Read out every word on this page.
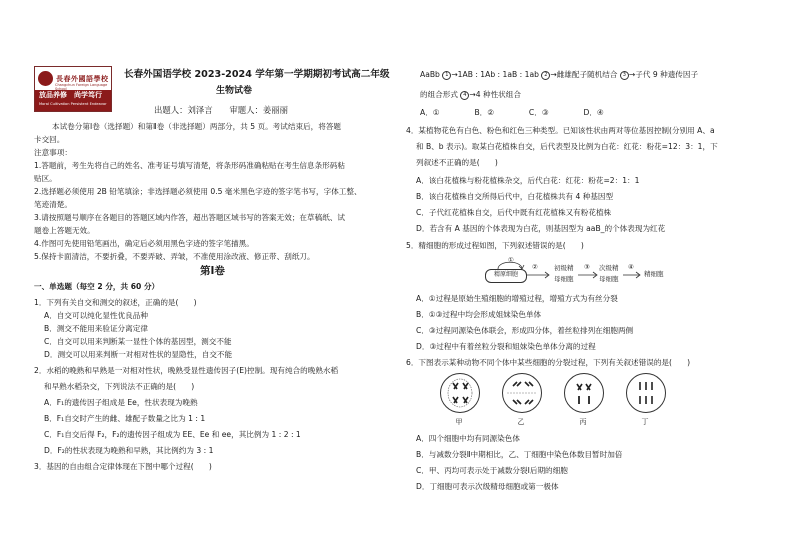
長春外國語學校
Changchun Foreign Language School
放品养修　尚学笃行
Moral Cultivation Persistent Endeavor
长春外国语学校 2023-2024 学年第一学期期初考试高二年级
生物试卷
出题人：刘泽言　　审题人：姜丽丽
本试卷分第Ⅰ卷（选择题）和第Ⅱ卷（非选择题）两部分，共 5 页。考试结束后，将答题
卡交回。
注意事项：
1.答题前，考生先将自己的姓名、准考证号填写清楚，将条形码准确粘贴在考生信息条形码粘
贴区。
2.选择题必须使用 2B 铅笔填涂；非选择题必须使用 0.5 毫米黑色字迹的签字笔书写，字体工整、
笔迹清楚。
3.请按照题号顺序在各题目的答题区域内作答，超出答题区域书写的答案无效；在草稿纸、试
题卷上答题无效。
4.作图可先使用铅笔画出，确定后必须用黑色字迹的签字笔描黑。
5.保持卡面清洁，不要折叠，不要弄破、弄皱，不准使用涂改液、修正带、刮纸刀。
第Ⅰ卷
一、单选题（每空 2 分，共 60 分）
1．下列有关自交和测交的叙述，正确的是(　　)
A．自交可以纯化显性优良品种
B．测交不能用来验证分离定律
C．自交可以用来判断某一显性个体的基因型，测交不能
D．测交可以用来判断一对相对性状的显隐性，自交不能
2．水稻的晚熟和早熟是一对相对性状，晚熟受显性遗传因子(E)控制。现有纯合的晚熟水稻
和早熟水稻杂交，下列说法不正确的是(　　)
A．F₁的遗传因子组成是 Ee，性状表现为晚熟
B．F₁自交时产生的雌、雄配子数量之比为 1 : 1
C．F₁自交后得 F₂，F₂的遗传因子组成为 EE、Ee 和 ee，其比例为 1 : 2 : 1
D．F₂的性状表现为晚熟和早熟，其比例约为 3 : 1
3．基因的自由组合定律体现在下图中哪个过程(　　)
AaBb 1 →1AB : 1Ab : 1aB : 1ab 2 →雌雄配子随机结合 3 →子代 9 种遗传因子
的组合形式 4 →4 种性状组合
A．①	B．②	C．③	D．④
4．某植物花色有白色、粉色和红色三种类型。已知该性状由两对等位基因控制(分别用 A、a
和 B、b 表示)。取某白花植株自交，后代表型及比例为白花：红花：粉花=12：3：1，下
列叙述不正确的是(　　)
A．该白花植株与粉花植株杂交，后代白花：红花：粉花=2：1：1
B．该白花植株自交所得后代中，白花植株共有 4 种基因型
C．子代红花植株自交，后代中既有红花植株又有粉花植株
D．若含有 A 基因的个体表现为白花，则基因型为 aaB_的个体表现为红花
5．精细胞的形成过程如图，下列叙述错误的是(　　)
①
精原细胞
② 初级精
母细胞
③ 次级精
母细胞
④
精细胞
A．①过程是原始生殖细胞的增殖过程，增殖方式为有丝分裂
B．①③过程中均会形成姐妹染色单体
C．③过程同源染色体联会，形成四分体，着丝粒排列在细胞两侧
D．③过程中有着丝粒分裂和姐妹染色单体分离的过程
6．下图表示某种动物不同个体中某些细胞的分裂过程，下列有关叙述错误的是(　　)
甲	乙	丙	丁
A．四个细胞中均有同源染色体
B．与减数分裂Ⅱ中期相比，乙、丁细胞中染色体数目暂时加倍
C．甲、丙均可表示处于减数分裂Ⅰ后期的细胞
D．丁细胞可表示次级精母细胞或第一极体
